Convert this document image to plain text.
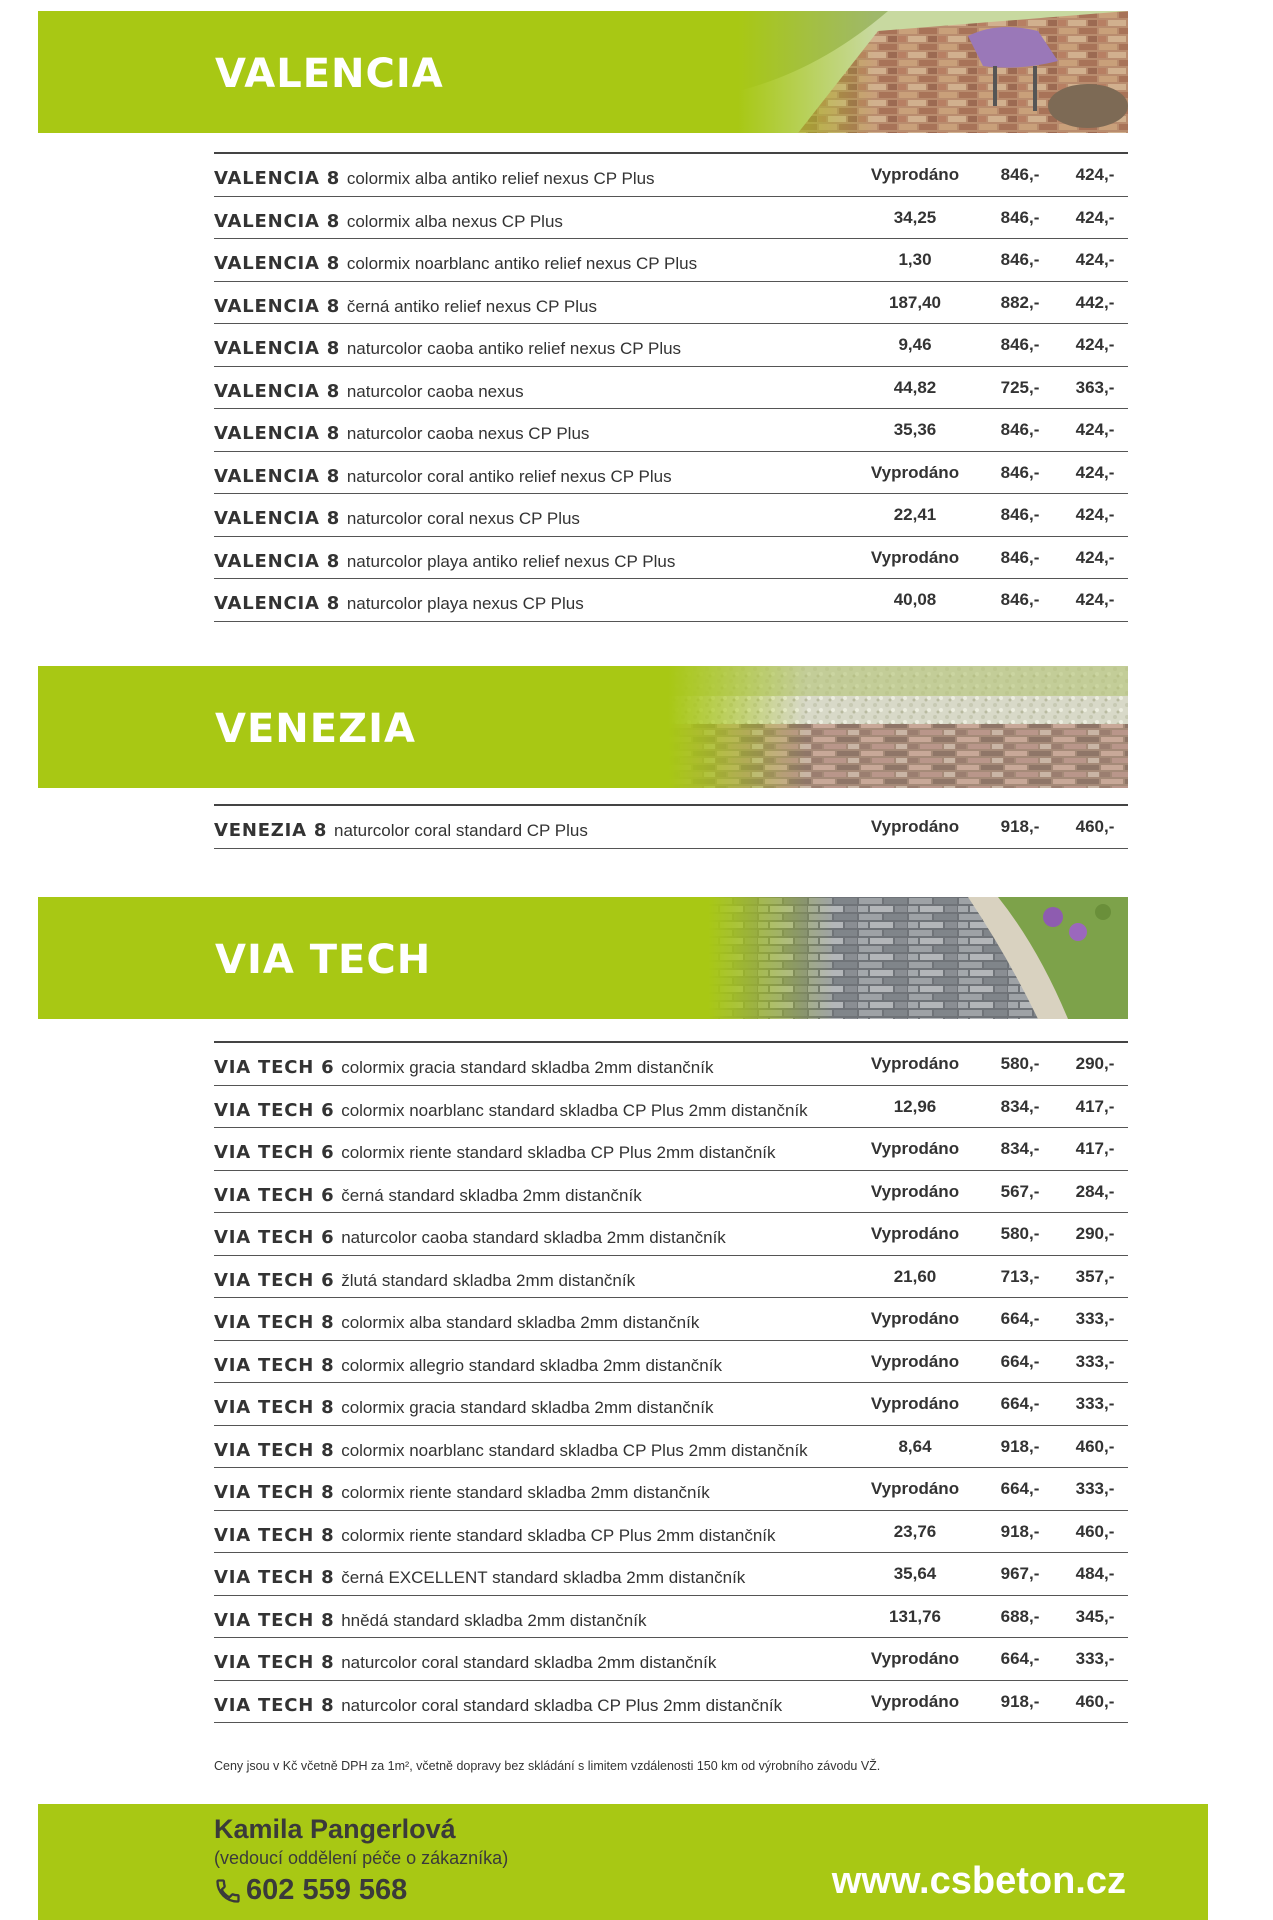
VALENCIA
VALENCIA 8 colormix alba antiko relief nexus CP Plus	Vyprodáno	846,-	424,-
VALENCIA 8 colormix alba nexus CP Plus	34,25	846,-	424,-
VALENCIA 8 colormix noarblanc antiko relief nexus CP Plus	1,30	846,-	424,-
VALENCIA 8 černá antiko relief nexus CP Plus	187,40	882,-	442,-
VALENCIA 8 naturcolor caoba antiko relief nexus CP Plus	9,46	846,-	424,-
VALENCIA 8 naturcolor caoba nexus	44,82	725,-	363,-
VALENCIA 8 naturcolor caoba nexus CP Plus	35,36	846,-	424,-
VALENCIA 8 naturcolor coral antiko relief nexus CP Plus	Vyprodáno	846,-	424,-
VALENCIA 8 naturcolor coral nexus CP Plus	22,41	846,-	424,-
VALENCIA 8 naturcolor playa antiko relief nexus CP Plus	Vyprodáno	846,-	424,-
VALENCIA 8 naturcolor playa nexus CP Plus	40,08	846,-	424,-
VENEZIA
VENEZIA 8 naturcolor coral standard CP Plus	Vyprodáno	918,-	460,-
VIA TECH
VIA TECH 6 colormix gracia standard skladba 2mm distančník	Vyprodáno	580,-	290,-
VIA TECH 6 colormix noarblanc standard skladba CP Plus 2mm distančník	12,96	834,-	417,-
VIA TECH 6 colormix riente standard skladba CP Plus 2mm distančník	Vyprodáno	834,-	417,-
VIA TECH 6 černá standard skladba 2mm distančník	Vyprodáno	567,-	284,-
VIA TECH 6 naturcolor caoba standard skladba 2mm distančník	Vyprodáno	580,-	290,-
VIA TECH 6 žlutá standard skladba 2mm distančník	21,60	713,-	357,-
VIA TECH 8 colormix alba standard skladba 2mm distančník	Vyprodáno	664,-	333,-
VIA TECH 8 colormix allegrio standard skladba 2mm distančník	Vyprodáno	664,-	333,-
VIA TECH 8 colormix gracia standard skladba 2mm distančník	Vyprodáno	664,-	333,-
VIA TECH 8 colormix noarblanc standard skladba CP Plus 2mm distančník	8,64	918,-	460,-
VIA TECH 8 colormix riente standard skladba 2mm distančník	Vyprodáno	664,-	333,-
VIA TECH 8 colormix riente standard skladba CP Plus 2mm distančník	23,76	918,-	460,-
VIA TECH 8 černá EXCELLENT standard skladba 2mm distančník	35,64	967,-	484,-
VIA TECH 8 hnědá standard skladba 2mm distančník	131,76	688,-	345,-
VIA TECH 8 naturcolor coral standard skladba 2mm distančník	Vyprodáno	664,-	333,-
VIA TECH 8 naturcolor coral standard skladba CP Plus 2mm distančník	Vyprodáno	918,-	460,-
Ceny jsou v Kč včetně DPH za 1m², včetně dopravy bez skládání s limitem vzdálenosti 150 km od výrobního závodu VŽ.
Kamila Pangerlová
(vedoucí oddělení péče o zákazníka)
602 559 568	www.csbeton.cz
